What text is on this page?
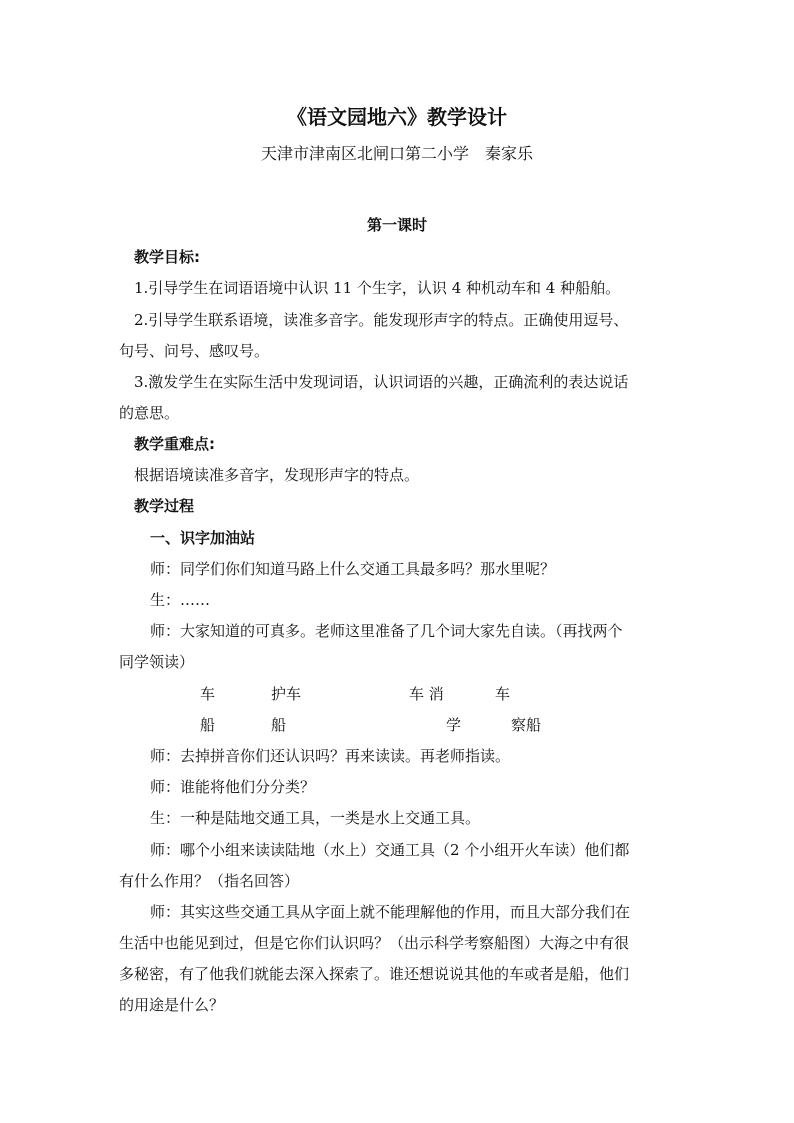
《语文园地六》教学设计
天津市津南区北闸口第二小学　秦家乐
第一课时
教学目标:
1.引导学生在词语语境中认识 11 个生字，认识 4 种机动车和 4 种船舶。
2.引导学生联系语境，读准多音字。能发现形声字的特点。正确使用逗号、
句号、问号、感叹号。
3.激发学生在实际生活中发现词语，认识词语的兴趣，正确流利的表达说话
的意思。
教学重难点:
根据语境读准多音字，发现形声字的特点。
教学过程
一、识字加油站
师：同学们你们知道马路上什么交通工具最多吗？那水里呢？
生：……
师：大家知道的可真多。老师这里准备了几个词大家先自读。（再找两个
同学领读）
车	护车	车 消	车
船	船	学	察船
师：去掉拼音你们还认识吗？再来读读。再老师指读。
师：谁能将他们分分类？
生：一种是陆地交通工具，一类是水上交通工具。
师：哪个小组来读读陆地（水上）交通工具（2 个小组开火车读）他们都
有什么作用？（指名回答）
师：其实这些交通工具从字面上就不能理解他的作用，而且大部分我们在
生活中也能见到过，但是它你们认识吗？（出示科学考察船图）大海之中有很
多秘密，有了他我们就能去深入探索了。谁还想说说其他的车或者是船，他们
的用途是什么？
